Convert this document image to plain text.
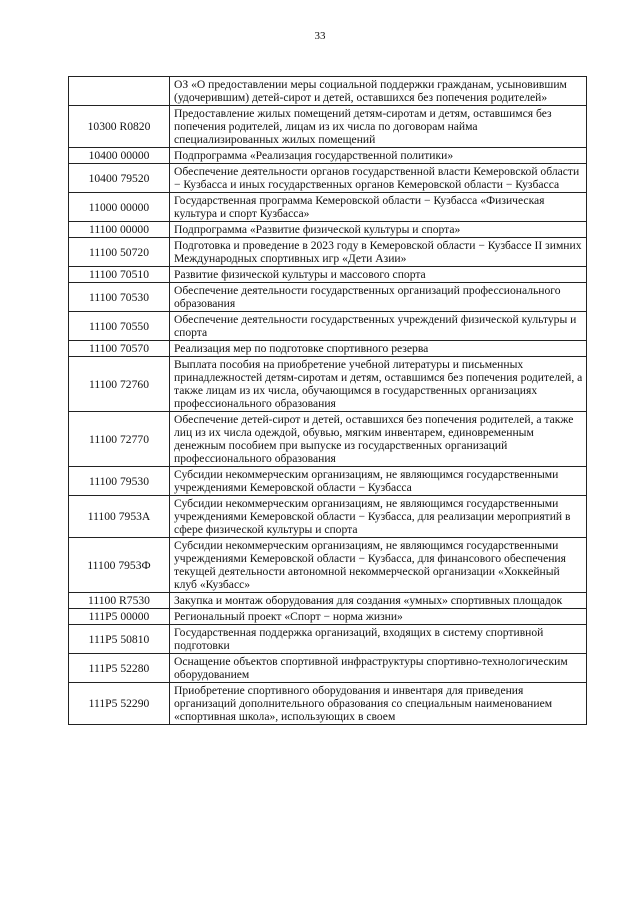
33
	ОЗ «О предоставлении меры социальной поддержки гражданам, усыновившим (удочерившим) детей-сирот и детей, оставшихся без попечения родителей»
10300 R0820	Предоставление жилых помещений детям-сиротам и детям, оставшимся без попечения родителей, лицам из их числа по договорам найма специализированных жилых помещений
10400 00000	Подпрограмма «Реализация государственной политики»
10400 79520	Обеспечение деятельности органов государственной власти Кемеровской области − Кузбасса и иных государственных органов Кемеровской области − Кузбасса
11000 00000	Государственная программа Кемеровской области − Кузбасса «Физическая культура и спорт Кузбасса»
11100 00000	Подпрограмма «Развитие физической культуры и спорта»
11100 50720	Подготовка и проведение в 2023 году в Кемеровской области − Кузбассе II зимних Международных спортивных игр «Дети Азии»
11100 70510	Развитие физической культуры и массового спорта
11100 70530	Обеспечение деятельности государственных организаций профессионального образования
11100 70550	Обеспечение деятельности государственных учреждений физической культуры и спорта
11100 70570	Реализация мер по подготовке спортивного резерва
11100 72760	Выплата пособия на приобретение учебной литературы и письменных принадлежностей детям-сиротам и детям, оставшимся без попечения родителей, а также лицам из их числа, обучающимся в государственных организациях профессионального образования
11100 72770	Обеспечение детей-сирот и детей, оставшихся без попечения родителей, а также лиц из их числа одеждой, обувью, мягким инвентарем, единовременным денежным пособием при выпуске из государственных организаций профессионального образования
11100 79530	Субсидии некоммерческим организациям, не являющимся государственными учреждениями Кемеровской области − Кузбасса
11100 7953А	Субсидии некоммерческим организациям, не являющимся государственными учреждениями Кемеровской области − Кузбасса, для реализации мероприятий в сфере физической культуры и спорта
11100 7953Ф	Субсидии некоммерческим организациям, не являющимся государственными учреждениями Кемеровской области − Кузбасса, для финансового обеспечения текущей деятельности автономной некоммерческой организации «Хоккейный клуб «Кузбасс»
11100 R7530	Закупка и монтаж оборудования для создания «умных» спортивных площадок
111P5 00000	Региональный проект «Спорт − норма жизни»
111P5 50810	Государственная поддержка организаций, входящих в систему спортивной подготовки
111P5 52280	Оснащение объектов спортивной инфраструктуры спортивно-технологическим оборудованием
111P5 52290	Приобретение спортивного оборудования и инвентаря для приведения организаций дополнительного образования со специальным наименованием «спортивная школа», использующих в своем
